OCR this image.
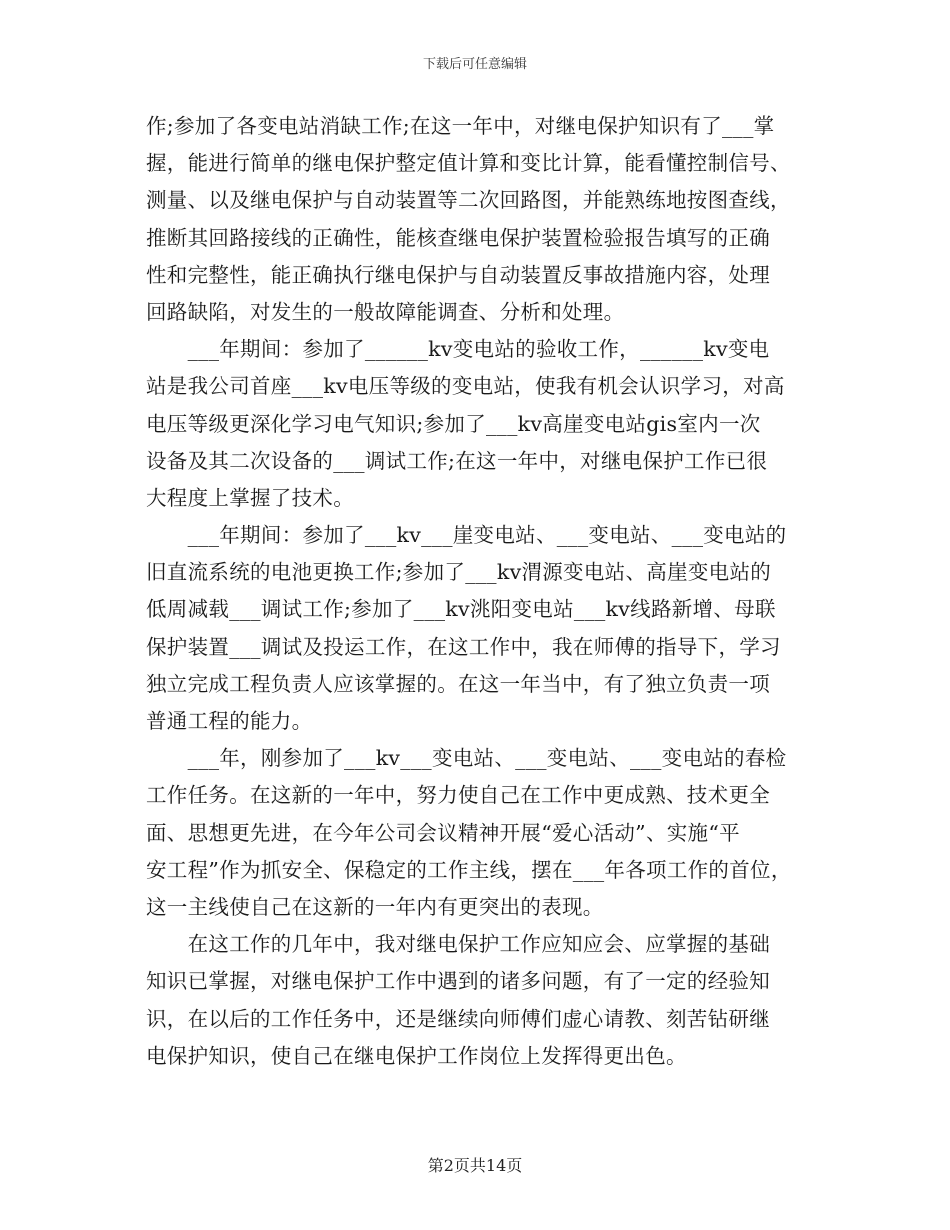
下载后可任意编辑
作;参加了各变电站消缺工作;在这一年中，对继电保护知识有了___掌
握，能进行简单的继电保护整定值计算和变比计算，能看懂控制信号、
测量、以及继电保护与自动装置等二次回路图，并能熟练地按图查线，
推断其回路接线的正确性，能核查继电保护装置检验报告填写的正确
性和完整性，能正确执行继电保护与自动装置反事故措施内容，处理
回路缺陷，对发生的一般故障能调查、分析和处理。
　　___年期间：参加了______kv变电站的验收工作，______kv变电
站是我公司首座___kv电压等级的变电站，使我有机会认识学习，对高
电压等级更深化学习电气知识;参加了___kv高崖变电站gis室内一次
设备及其二次设备的___调试工作;在这一年中，对继电保护工作已很
大程度上掌握了技术。
　　___年期间：参加了___kv___崖变电站、___变电站、___变电站的
旧直流系统的电池更换工作;参加了___kv渭源变电站、高崖变电站的
低周减载___调试工作;参加了___kv洮阳变电站___kv线路新增、母联
保护装置___调试及投运工作，在这工作中，我在师傅的指导下，学习
独立完成工程负责人应该掌握的。在这一年当中，有了独立负责一项
普通工程的能力。
　　___年，刚参加了___kv___变电站、___变电站、___变电站的春检
工作任务。在这新的一年中，努力使自己在工作中更成熟、技术更全
面、思想更先进，在今年公司会议精神开展“爱心活动”、实施“平
安工程”作为抓安全、保稳定的工作主线，摆在___年各项工作的首位，
这一主线使自己在这新的一年内有更突出的表现。
　　在这工作的几年中，我对继电保护工作应知应会、应掌握的基础
知识已掌握，对继电保护工作中遇到的诸多问题，有了一定的经验知
识，在以后的工作任务中，还是继续向师傅们虚心请教、刻苦钻研继
电保护知识，使自己在继电保护工作岗位上发挥得更出色。
第2页共14页
